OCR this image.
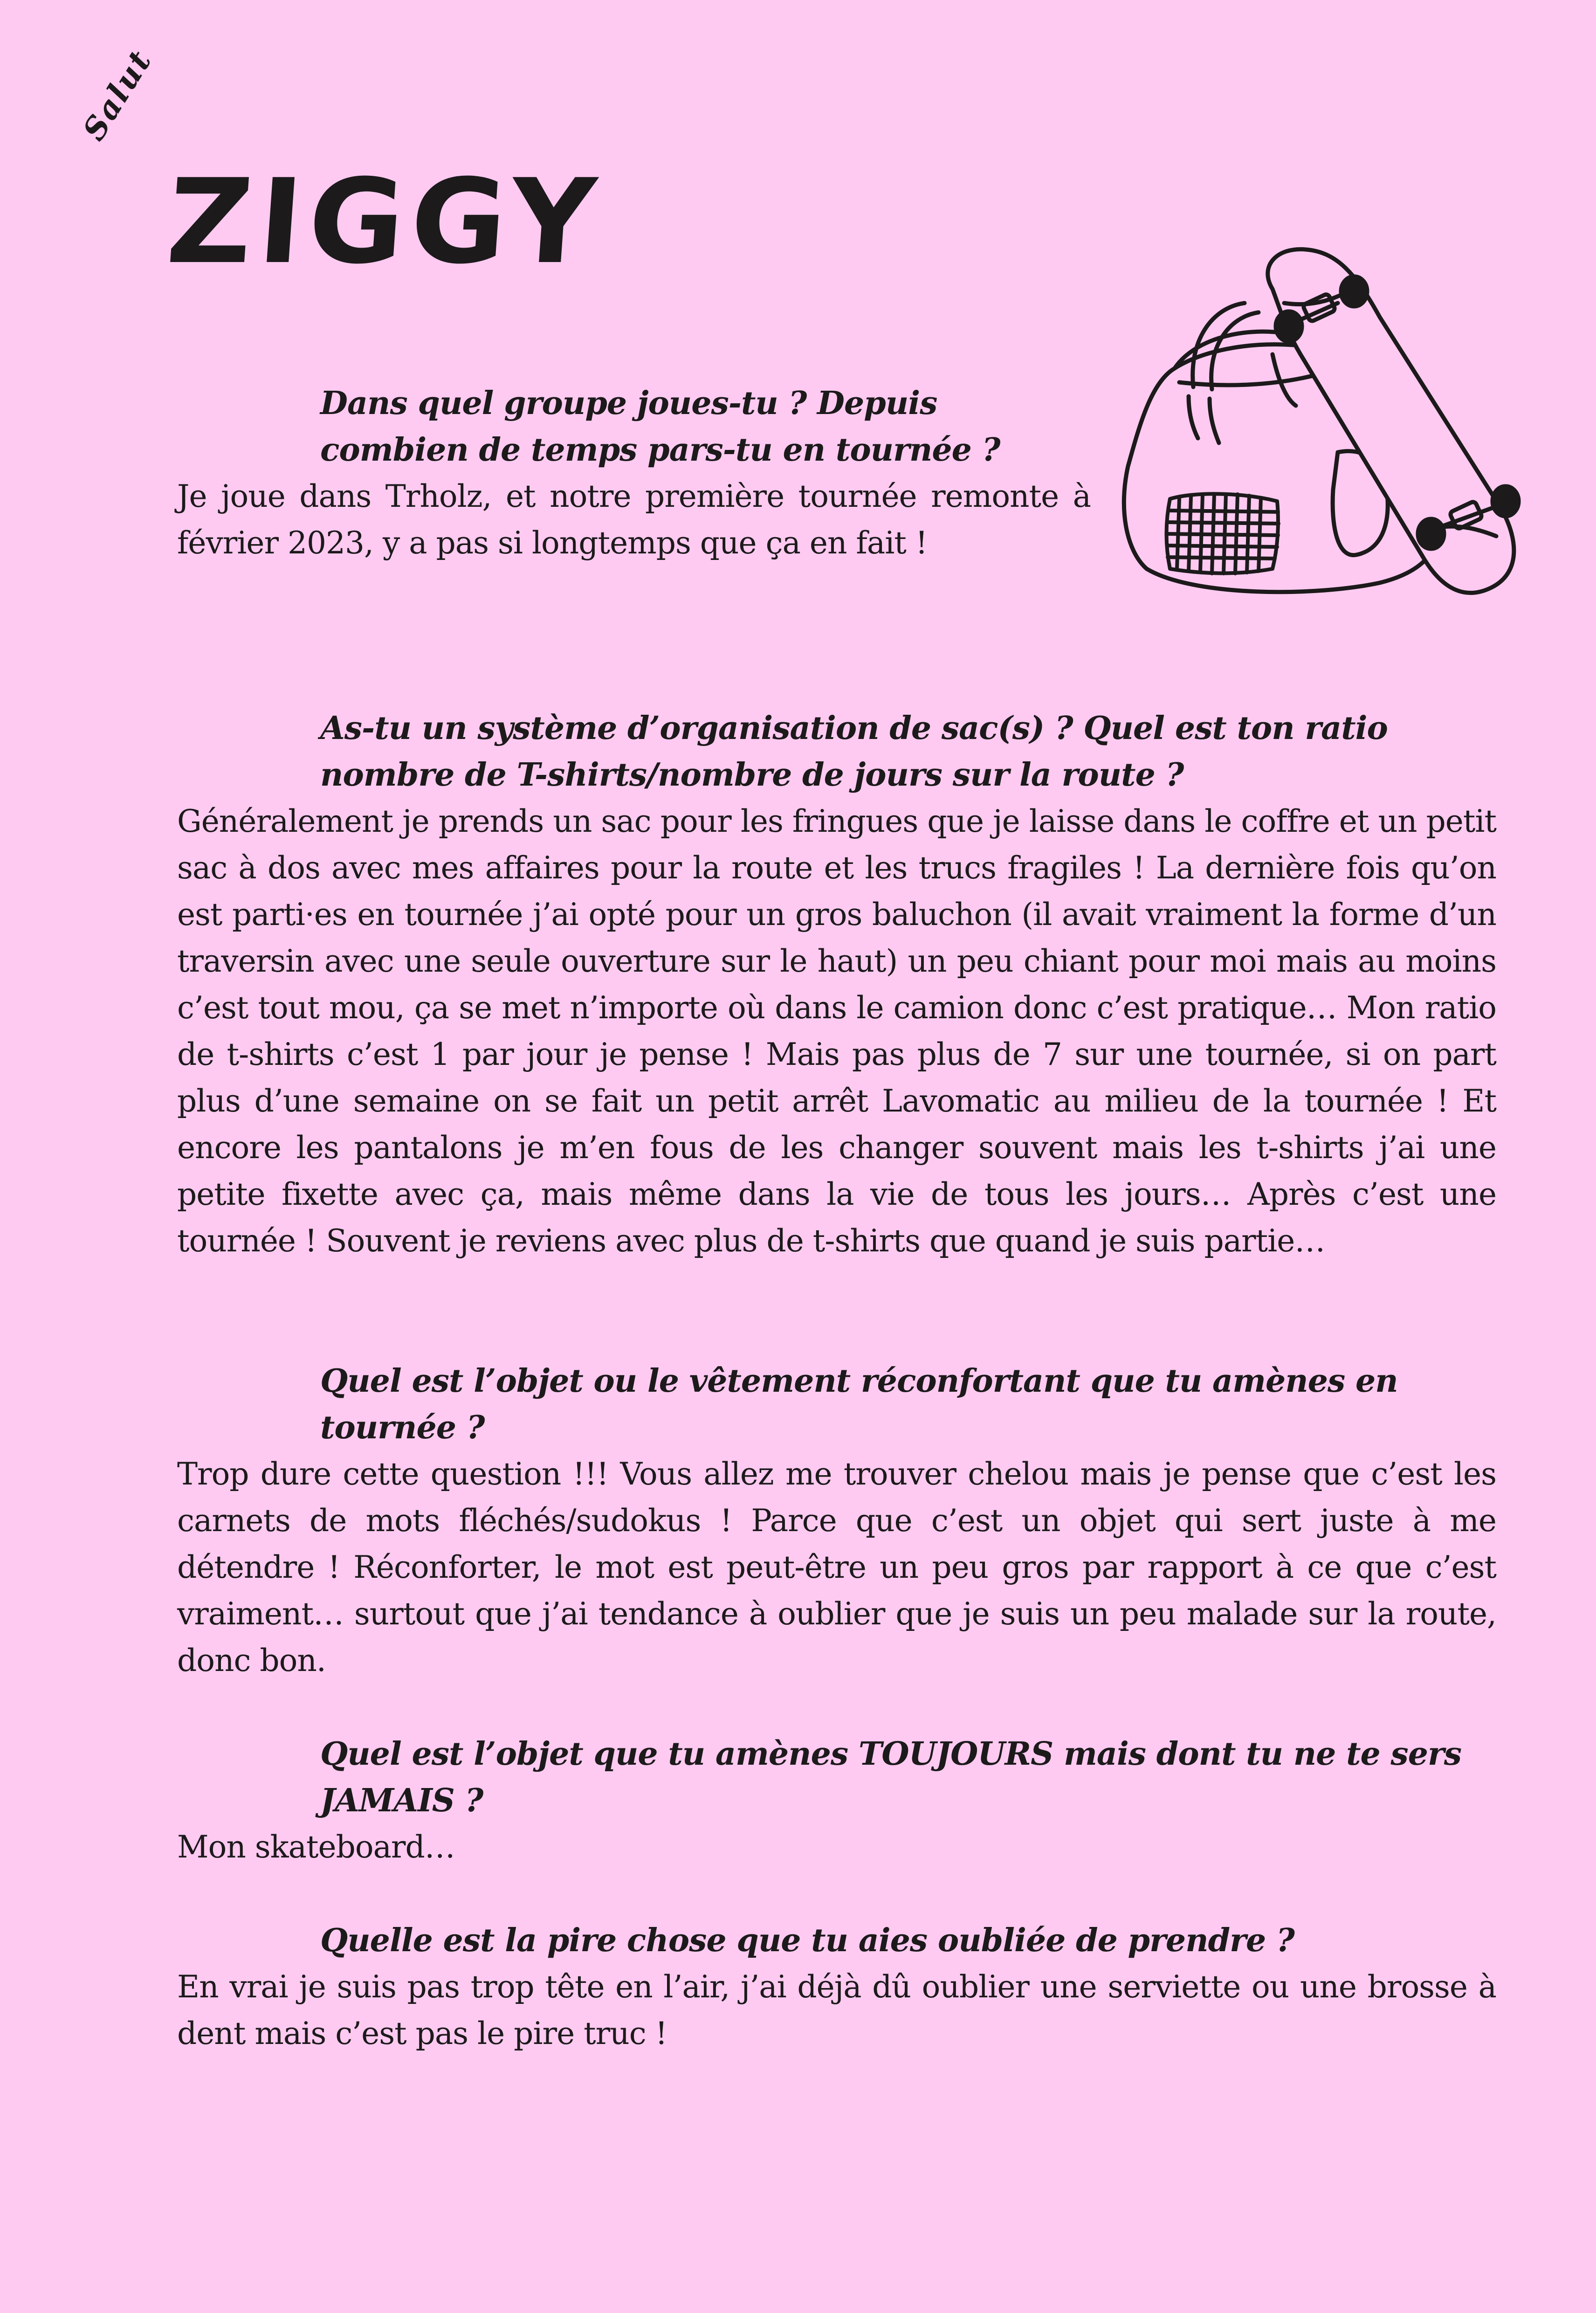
Salut
ZIGGY

Dans quel groupe joues-tu ? Depuis combien de temps pars-tu en tournée ?

Je joue dans Trholz, et notre première tournée remonte à février 2023, y a pas si longtemps que ça en fait !

As-tu un système d’organisation de sac(s) ? Quel est ton ratio nombre de T-shirts/nombre de jours sur la route ?

Généralement je prends un sac pour les fringues que je laisse dans le coffre et un petit sac à dos avec mes affaires pour la route et les trucs fragiles ! La dernière fois qu’on est parti·es en tournée j’ai opté pour un gros baluchon (il avait vraiment la forme d’un traversin avec une seule ouverture sur le haut) un peu chiant pour moi mais au moins c’est tout mou, ça se met n’importe où dans le camion donc c’est pratique… Mon ratio de t-shirts c’est 1 par jour je pense ! Mais pas plus de 7 sur une tournée, si on part plus d’une semaine on se fait un petit arrêt Lavomatic au milieu de la tournée ! Et encore les pantalons je m’en fous de les changer souvent mais les t-shirts j’ai une petite fixette avec ça, mais même dans la vie de tous les jours… Après c’est une tournée ! Souvent je reviens avec plus de t-shirts que quand je suis partie…

Quel est l’objet ou le vêtement réconfortant que tu amènes en tournée ?

Trop dure cette question !!! Vous allez me trouver chelou mais je pense que c’est les carnets de mots fléchés/sudokus ! Parce que c’est un objet qui sert juste à me détendre ! Réconforter, le mot est peut-être un peu gros par rapport à ce que c’est vraiment… surtout que j’ai tendance à oublier que je suis un peu malade sur la route, donc bon.

Quel est l’objet que tu amènes TOUJOURS mais dont tu ne te sers JAMAIS ?

Mon skateboard…

Quelle est la pire chose que tu aies oubliée de prendre ?

En vrai je suis pas trop tête en l’air, j’ai déjà dû oublier une serviette ou une brosse à dent mais c’est pas le pire truc !
